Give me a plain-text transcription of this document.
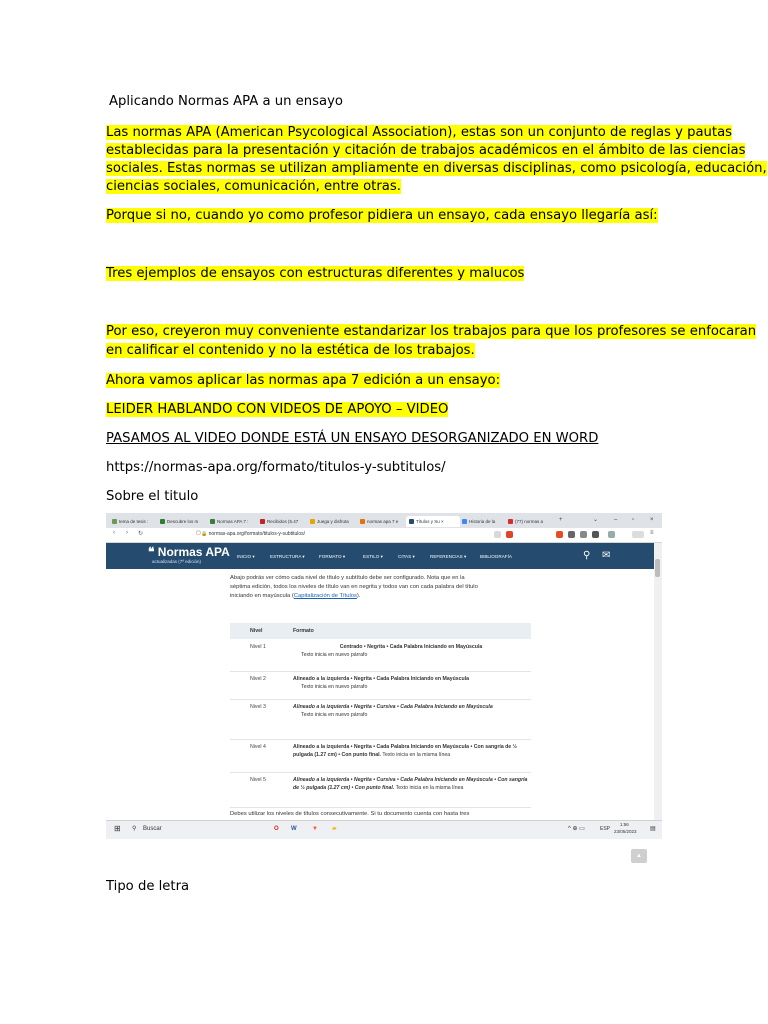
Aplicando Normas APA a un ensayo
Las normas APA (American Psycological Association), estas son un conjunto de reglas y pautas
establecidas para la presentación y citación de trabajos académicos en el ámbito de las ciencias
sociales. Estas normas se utilizan ampliamente en diversas disciplinas, como psicología, educación,
ciencias sociales, comunicación, entre otras.
Porque si no, cuando yo como profesor pidiera un ensayo, cada ensayo llegaría así:
Tres ejemplos de ensayos con estructuras diferentes y malucos
Por eso, creyeron muy conveniente estandarizar los trabajos para que los profesores se enfocaran
en calificar el contenido y no la estética de los trabajos.
Ahora vamos aplicar las normas apa 7 edición a un ensayo:
LEIDER HABLANDO CON VIDEOS DE APOYO – VIDEO
PASAMOS AL VIDEO DONDE ESTÁ UN ENSAYO DESORGANIZADO EN WORD
https://normas-apa.org/formato/titulos-y-subtitulos/
Sobre el titulo
Tipo de letra
tema de tesis :	Descubre los m	Normas APA 7 :	Recibidos (5.47	Juega y disfruta	normas apa 7 e	Títulos y Su ×	Historia de la	(77) normas a	+	⌄	– ▫	×
‹ › ↻	▢ 🔒 normas-apa.org/formato/titulos-y-subtitulos/	≡
❝ Normas APA
actualizadas (7ª edición)
INICIO ▾	ESTRUCTURA ▾	FORMATO ▾	ESTILO ▾	CITAS ▾	REFERENCIAS ▾	BIBLIOGRAFÍA	⚲ ✉
Abajo podrás ver cómo cada nivel de título y subtítulo debe ser configurado. Nota que en la
séptima edición, todos los niveles de título van en negrita y todos van con cada palabra del título
iniciando en mayúscula (Capitalización de Títulos).
Nivel	Formato
Nivel 1	Centrado • Negrita • Cada Palabra Iniciando en Mayúscula
Texto inicia en nuevo párrafo
Nivel 2	Alineado a la izquierda • Negrita • Cada Palabra Iniciando en Mayúscula
Texto inicia en nuevo párrafo
Nivel 3	Alineado a la izquierda • Negrita • Cursiva • Cada Palabra Iniciando en Mayúscula
Texto inicia en nuevo párrafo
Nivel 4	Alineado a la izquierda • Negrita • Cada Palabra Iniciando en Mayúscula • Con sangría de ½ pulgada (1.27 cm) • Con punto final. Texto inicia en la misma línea
Nivel 5	Alineado a la izquierda • Negrita • Cursiva • Cada Palabra Iniciando en Mayúscula • Con sangría de ½ pulgada (1.27 cm) • Con punto final. Texto inicia en la misma línea
Debes utilizar los niveles de títulos consecutivamente. Si tu documento cuenta con hasta tres
▲
⊞ ⚲ Buscar	O W	▼ ▰	^ ⊕ ▭	ESP
1:56
23/05/2023 ▤
